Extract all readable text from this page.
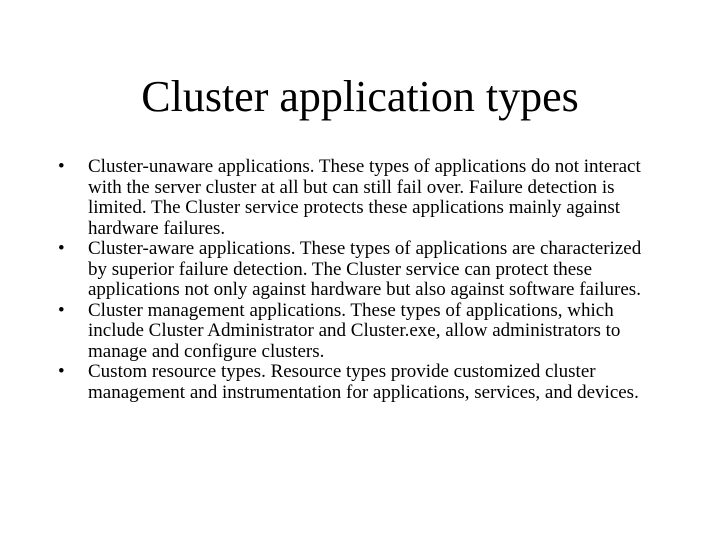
Cluster application types
•	Cluster-unaware applications. These types of applications do not interact with the server cluster at all but can still fail over. Failure detection is limited. The Cluster service protects these applications mainly against hardware failures.
•	Cluster-aware applications. These types of applications are characterized by superior failure detection. The Cluster service can protect these applications not only against hardware but also against software failures.
•	Cluster management applications. These types of applications, which include Cluster Administrator and Cluster.exe, allow administrators to manage and configure clusters.
•	Custom resource types. Resource types provide customized cluster management and instrumentation for applications, services, and devices.
